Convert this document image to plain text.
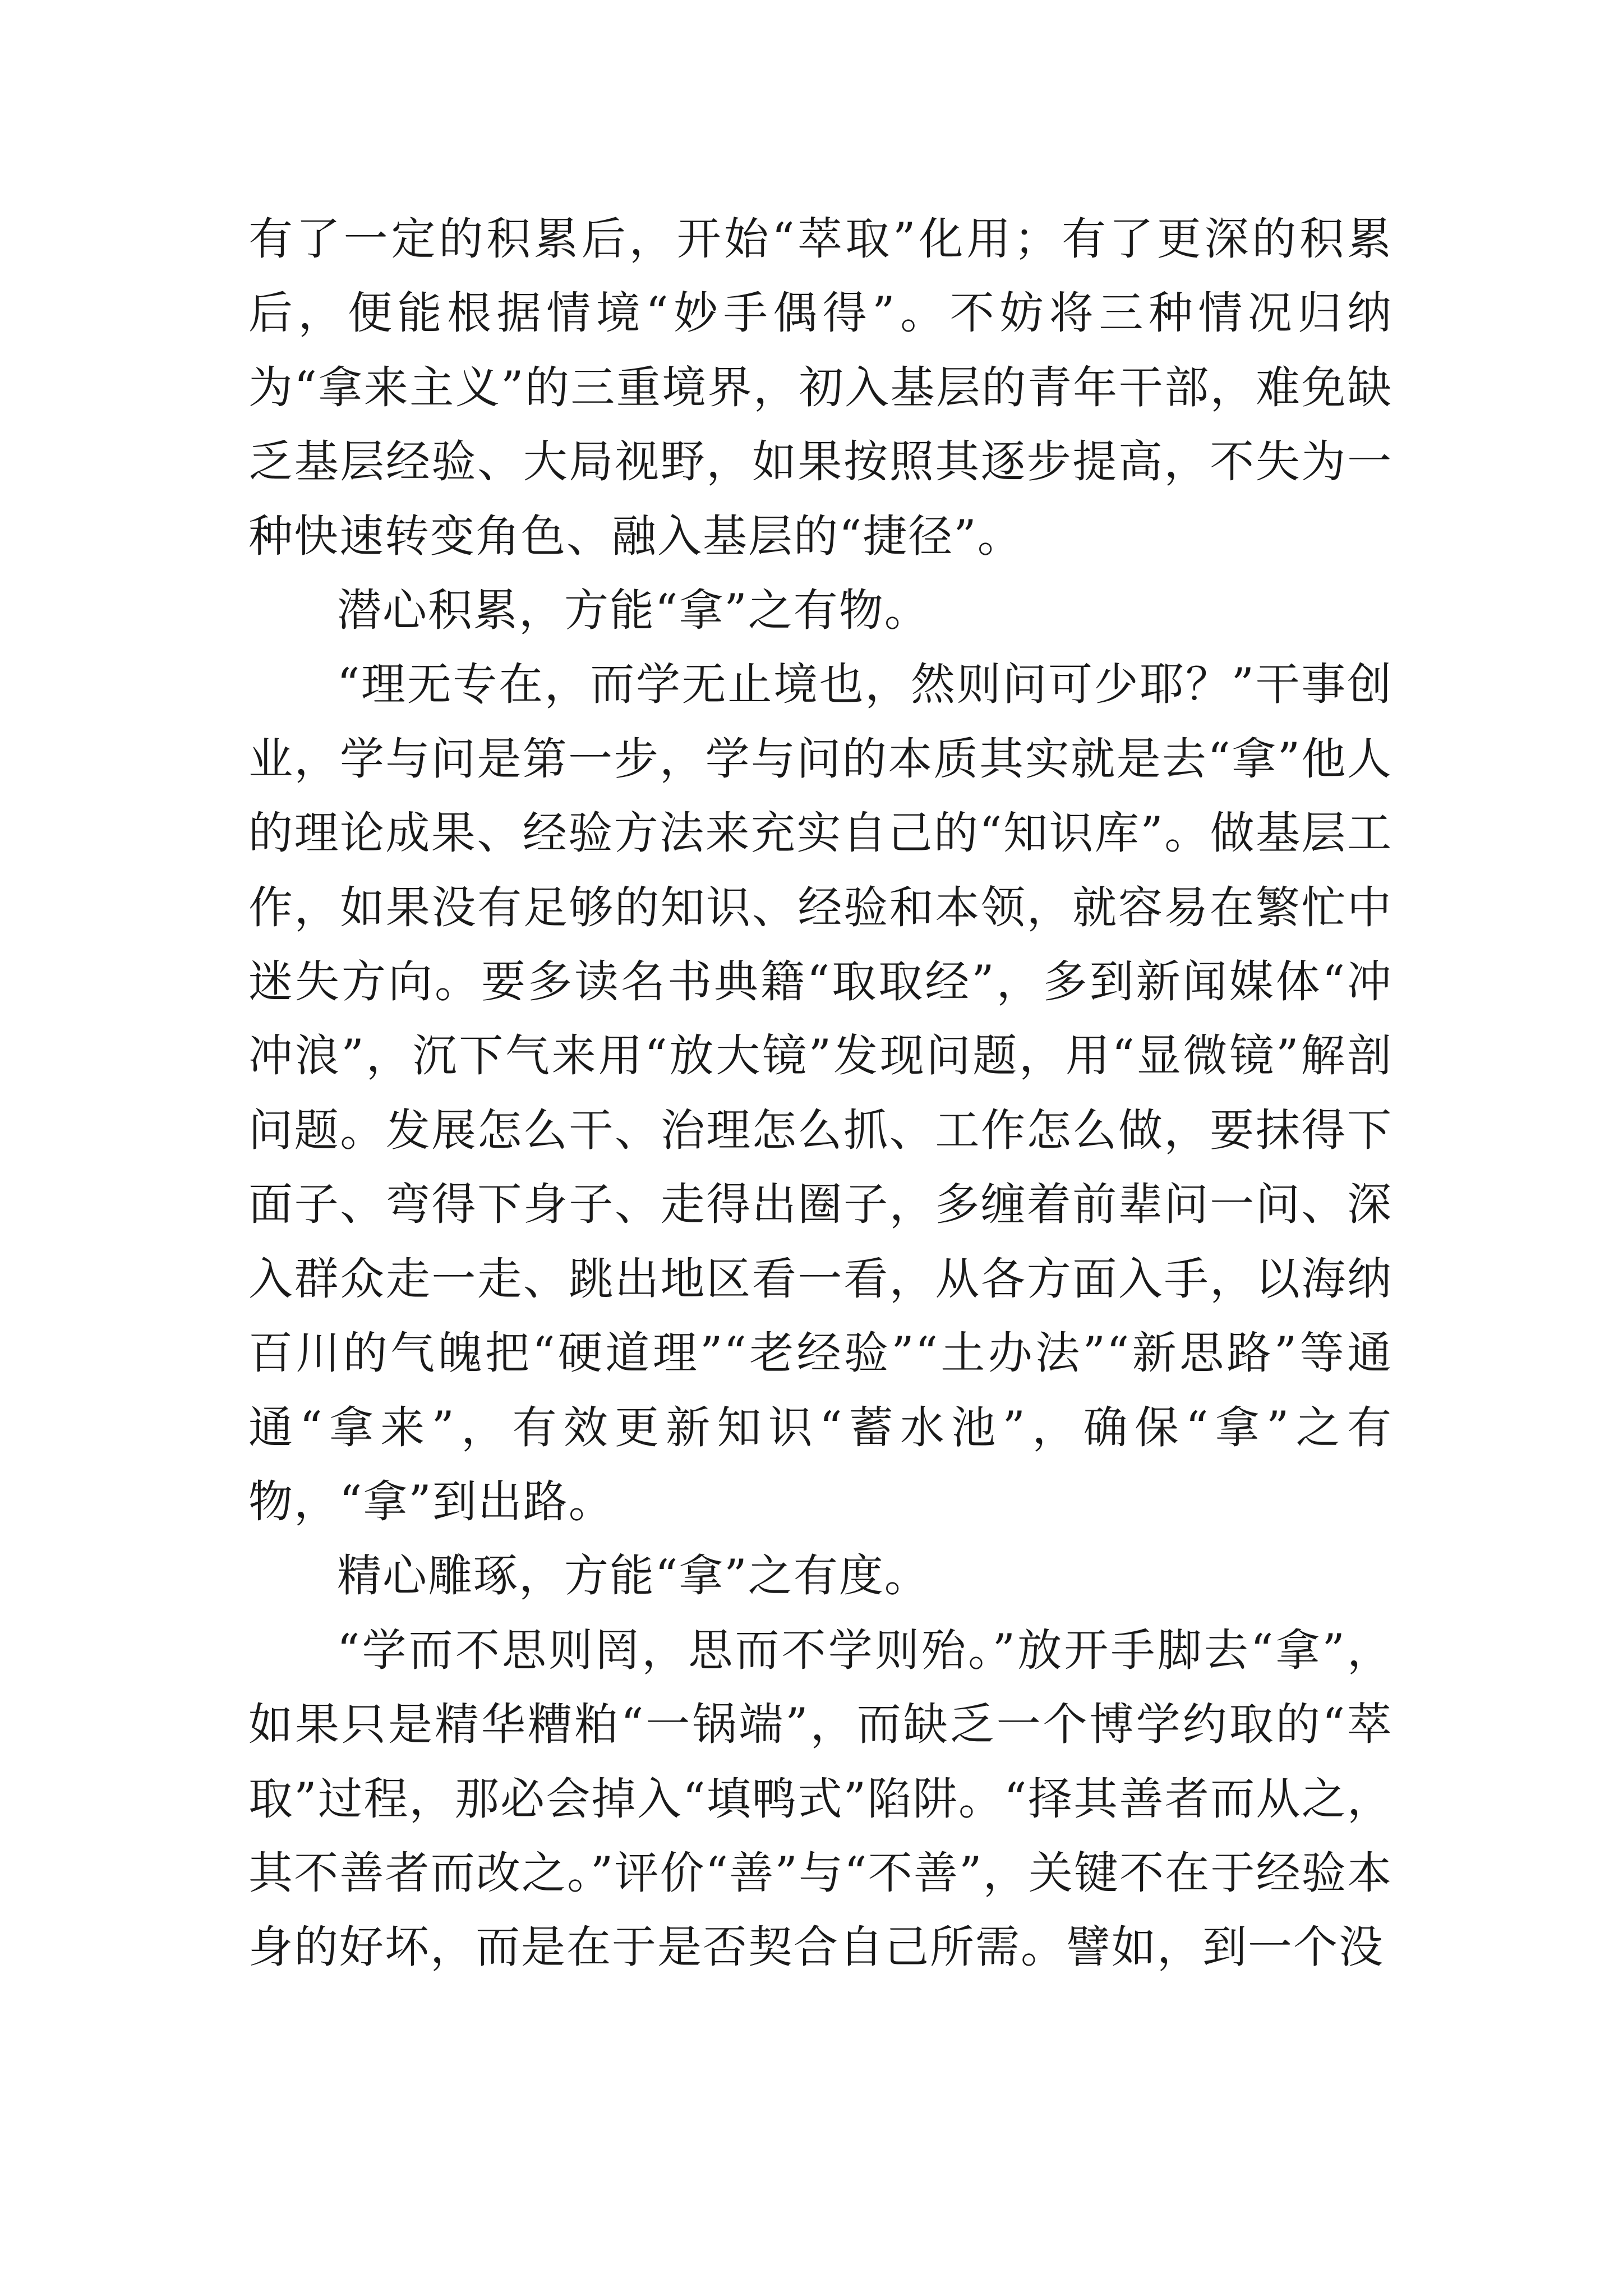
有了一定的积累后，开始“萃取”化用；有了更深的积累后，便能根据情境“妙手偶得”。不妨将三种情况归纳为“拿来主义”的三重境界，初入基层的青年干部，难免缺乏基层经验、大局视野，如果按照其逐步提高，不失为一种快速转变角色、融入基层的“捷径”。

潜心积累，方能“拿”之有物。

“理无专在，而学无止境也，然则问可少耶？”干事创业，学与问是第一步，学与问的本质其实就是去“拿”他人的理论成果、经验方法来充实自己的“知识库”。做基层工作，如果没有足够的知识、经验和本领，就容易在繁忙中迷失方向。要多读名书典籍“取取经”，多到新闻媒体“冲冲浪”，沉下气来用“放大镜”发现问题，用“显微镜”解剖问题。发展怎么干、治理怎么抓、工作怎么做，要抹得下面子、弯得下身子、走得出圈子，多缠着前辈问一问、深入群众走一走、跳出地区看一看，从各方面入手，以海纳百川的气魄把“硬道理”“老经验”“土办法”“新思路”等通通“拿来”，有效更新知识“蓄水池”，确保“拿”之有物，“拿”到出路。

精心雕琢，方能“拿”之有度。

“学而不思则罔，思而不学则殆。”放开手脚去“拿”，如果只是精华糟粕“一锅端”，而缺乏一个博学约取的“萃取”过程，那必会掉入“填鸭式”陷阱。“择其善者而从之，其不善者而改之。”评价“善”与“不善”，关键不在于经验本身的好坏，而是在于是否契合自己所需。譬如，到一个没
